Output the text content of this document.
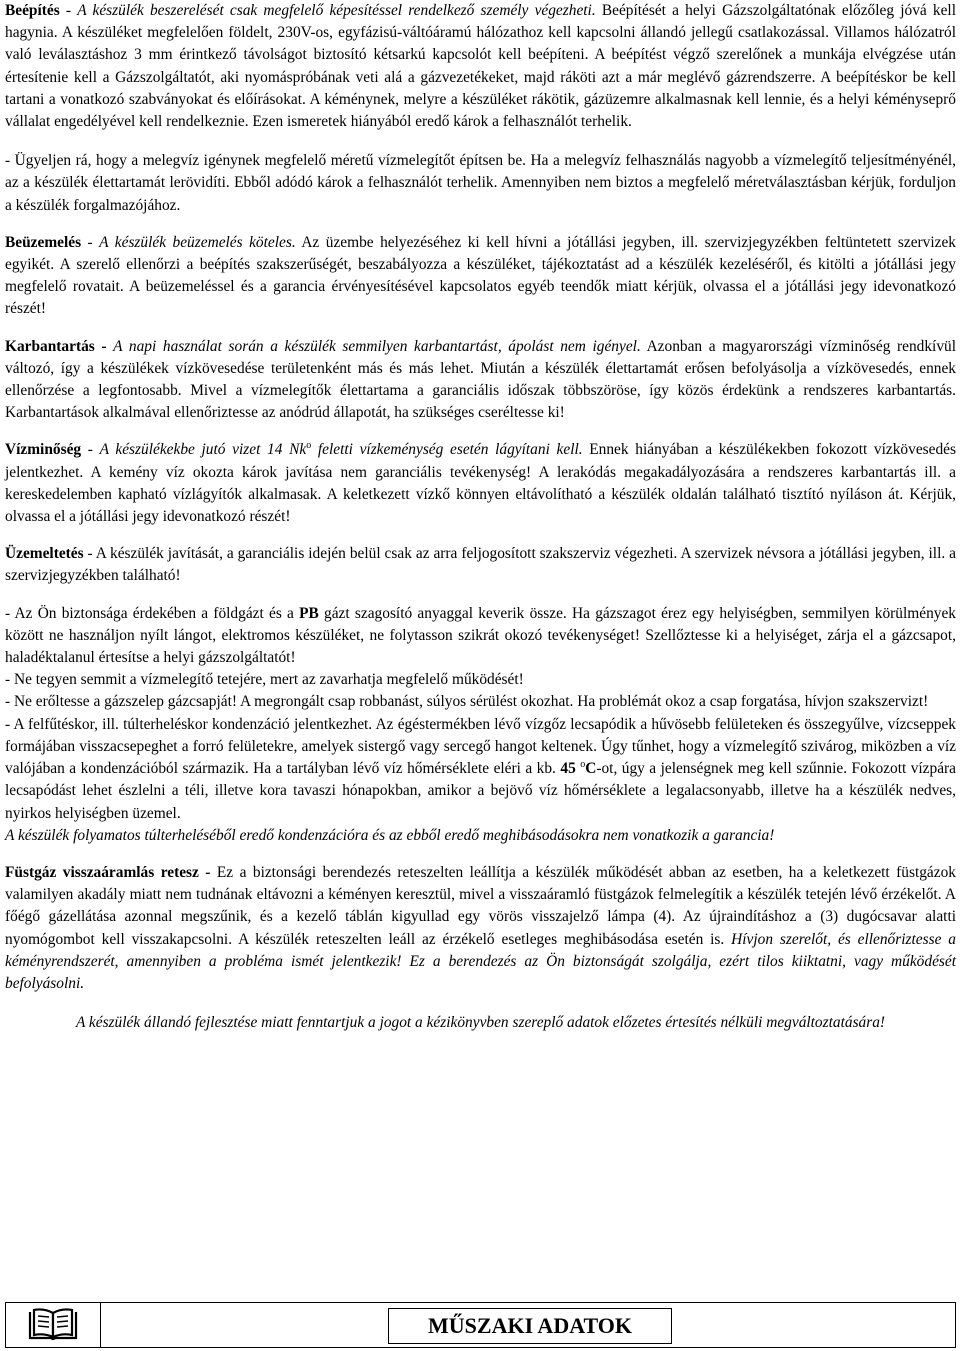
Beépítés - A készülék beszerelését csak megfelelő képesítéssel rendelkező személy végezheti. Beépítését a helyi Gázszolgáltatónak előzőleg jóvá kell hagynia. A készüléket megfelelően földelt, 230V-os, egyfázisú-váltóáramú hálózathoz kell kapcsolni állandó jellegű csatlakozással. Villamos hálózatról való leválasztáshoz 3 mm érintkező távolságot biztosító kétsarkú kapcsolót kell beépíteni. A beépítést végző szerelőnek a munkája elvégzése után értesítenie kell a Gázszolgáltatót, aki nyomáspróbának veti alá a gázvezetékeket, majd ráköti azt a már meglévő gázrendszerre. A beépítéskor be kell tartani a vonatkozó szabványokat és előírásokat. A kéménynek, melyre a készüléket rákötik, gázüzemre alkalmasnak kell lennie, és a helyi kéményseprő vállalat engedélyével kell rendelkeznie. Ezen ismeretek hiányából eredő károk a felhasználót terhelik.

- Ügyeljen rá, hogy a melegvíz igénynek megfelelő méretű vízmelegítőt építsen be. Ha a melegvíz felhasználás nagyobb a vízmelegítő teljesítményénél, az a készülék élettartamát lerövidíti. Ebből adódó károk a felhasználót terhelik. Amennyiben nem biztos a megfelelő méretválasztásban kérjük, forduljon a készülék forgalmazójához.

Beüzemelés - A készülék beüzemelés köteles. Az üzembe helyezéséhez ki kell hívni a jótállási jegyben, ill. szervizjegyzékben feltüntetett szervizek egyikét. A szerelő ellenőrzi a beépítés szakszerűségét, beszabályozza a készüléket, tájékoztatást ad a készülék kezeléséről, és kitölti a jótállási jegy megfelelő rovatait. A beüzemeléssel és a garancia érvényesítésével kapcsolatos egyéb teendők miatt kérjük, olvassa el a jótállási jegy idevonatkozó részét!

Karbantartás - A napi használat során a készülék semmilyen karbantartást, ápolást nem igényel. Azonban a magyarországi vízminőség rendkívül változó, így a készülékek vízkövesedése területenként más és más lehet. Miután a készülék élettartamát erősen befolyásolja a vízkövesedés, ennek ellenőrzése a legfontosabb. Mivel a vízmelegítők élettartama a garanciális időszak többszöröse, így közös érdekünk a rendszeres karbantartás. Karbantartások alkalmával ellenőriztesse az anódrúd állapotát, ha szükséges cseréltesse ki!

Vízminőség - A készülékekbe jutó vizet 14 Nk$^o$ feletti vízkeménység esetén lágyítani kell. Ennek hiányában a készülékekben fokozott vízkövesedés jelentkezhet. A kemény víz okozta károk javítása nem garanciális tevékenység! A lerakódás megakadályozására a rendszeres karbantartás ill. a kereskedelemben kapható vízlágyítók alkalmasak. A keletkezett vízkő könnyen eltávolítható a készülék oldalán található tisztító nyíláson át. Kérjük, olvassa el a jótállási jegy idevonatkozó részét!

Üzemeltetés - A készülék javítását, a garanciális idején belül csak az arra feljogosított szakszerviz végezheti. A szervizek névsora a jótállási jegyben, ill. a szervizjegyzékben található!

- Az Ön biztonsága érdekében a földgázt és a PB gázt szagosító anyaggal keverik össze. Ha gázszagot érez egy helyiségben, semmilyen körülmények között ne használjon nyílt lángot, elektromos készüléket, ne folytasson szikrát okozó tevékenységet! Szellőztesse ki a helyiséget, zárja el a gázcsapot, haladéktalanul értesítse a helyi gázszolgáltatót!

- Ne tegyen semmit a vízmelegítő tetejére, mert az zavarhatja megfelelő működését!

- Ne erőltesse a gázszelep gázcsapját! A megrongált csap robbanást, súlyos sérülést okozhat. Ha problémát okoz a csap forgatása, hívjon szakszervizt!

- A felfűtéskor, ill. túlterheléskor kondenzáció jelentkezhet. Az égéstermékben lévő vízgőz lecsapódik a hűvösebb felületeken és összegyűlve, vízcseppek formájában visszacsepeghet a forró felületekre, amelyek sistergő vagy sercegő hangot keltenek. Úgy tűnhet, hogy a vízmelegítő szivárog, miközben a víz valójában a kondenzációból származik. Ha a tartályban lévő víz hőmérséklete eléri a kb. 45 $^o$C-ot, úgy a jelenségnek meg kell szűnnie. Fokozott vízpára lecsapódást lehet észlelni a téli, illetve kora tavaszi hónapokban, amikor a bejövő víz hőmérséklete a legalacsonyabb, illetve ha a készülék nedves, nyirkos helyiségben üzemel.

A készülék folyamatos túlterheléséből eredő kondenzációra és az ebből eredő meghibásodásokra nem vonatkozik a garancia!

Füstgáz visszaáramlás retesz - Ez a biztonsági berendezés reteszelten leállítja a készülék működését abban az esetben, ha a keletkezett füstgázok valamilyen akadály miatt nem tudnának eltávozni a kéményen keresztül, mivel a visszaáramló füstgázok felmelegítik a készülék tetején lévő érzékelőt. A főégő gázellátása azonnal megszűnik, és a kezelő táblán kigyullad egy vörös visszajelző lámpa (4). Az újraindításhoz a (3) dugócsavar alatti nyomógombot kell visszakapcsolni. A készülék reteszelten leáll az érzékelő esetleges meghibásodása esetén is. Hívjon szerelőt, és ellenőriztesse a kéményrendszerét, amennyiben a probléma ismét jelentkezik! Ez a berendezés az Ön biztonságát szolgálja, ezért tilos kiiktatni, vagy működését befolyásolni.

A készülék állandó fejlesztése miatt fenntartjuk a jogot a kézikönyvben szereplő adatok előzetes értesítés nélküli megváltoztatására!

MŰSZAKI ADATOK
